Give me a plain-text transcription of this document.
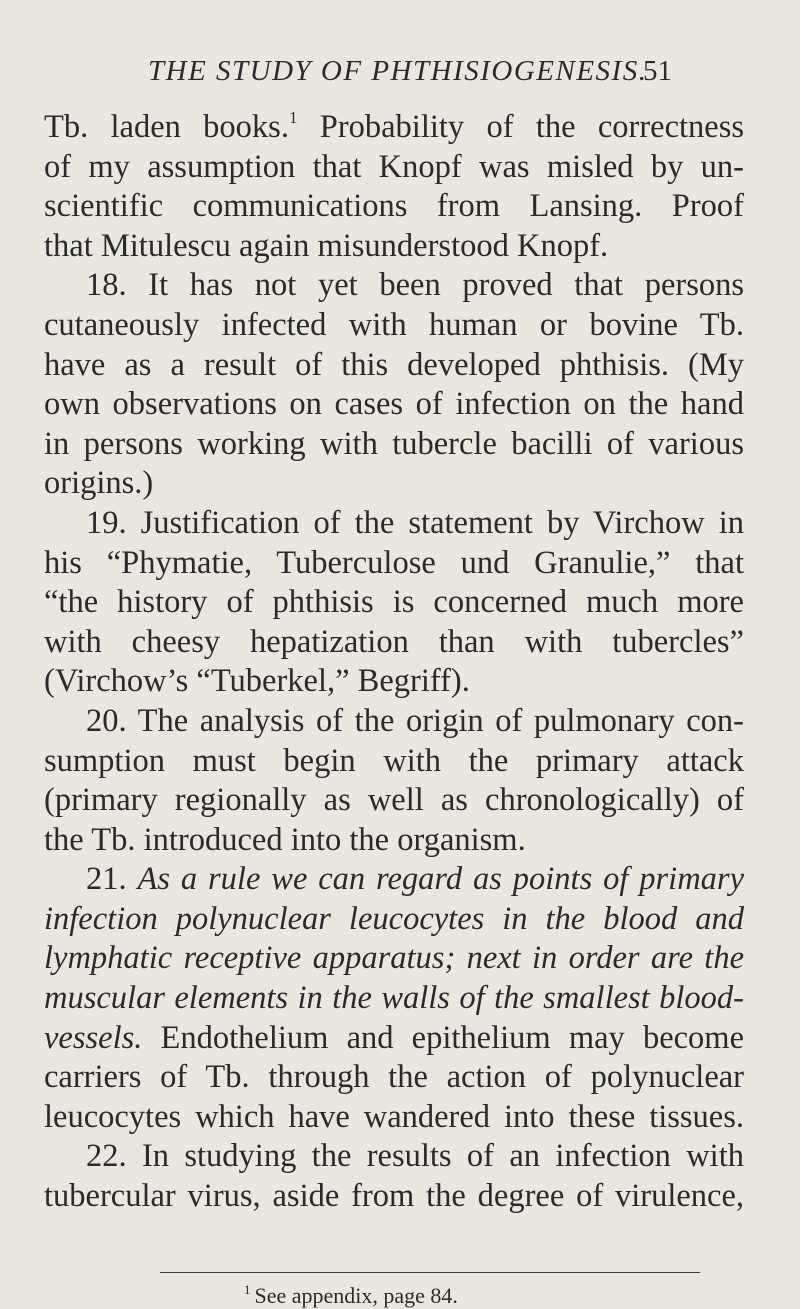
THE STUDY OF PHTHISIOGENESIS.
51
Tb. laden books.$^1$ Probability of the correctness
of my assumption that Knopf was misled by un-
scientific communications from Lansing. Proof
that Mitulescu again misunderstood Knopf.
18. It has not yet been proved that persons
cutaneously infected with human or bovine Tb.
have as a result of this developed phthisis. (My
own observations on cases of infection on the hand
in persons working with tubercle bacilli of various
origins.)
19. Justification of the statement by Virchow in
his “Phymatie, Tuberculose und Granulie,” that
“the history of phthisis is concerned much more
with cheesy hepatization than with tubercles”
(Virchow’s “Tuberkel,” Begriff).
20. The analysis of the origin of pulmonary con-
sumption must begin with the primary attack
(primary regionally as well as chronologically) of
the Tb. introduced into the organism.
21. As a rule we can regard as points of primary
infection polynuclear leucocytes in the blood and
lymphatic receptive apparatus; next in order are the
muscular elements in the walls of the smallest blood-
vessels. Endothelium and epithelium may become
carriers of Tb. through the action of polynuclear
leucocytes which have wandered into these tissues.
22. In studying the results of an infection with
tubercular virus, aside from the degree of virulence,
$^1$ See appendix, page 84.
